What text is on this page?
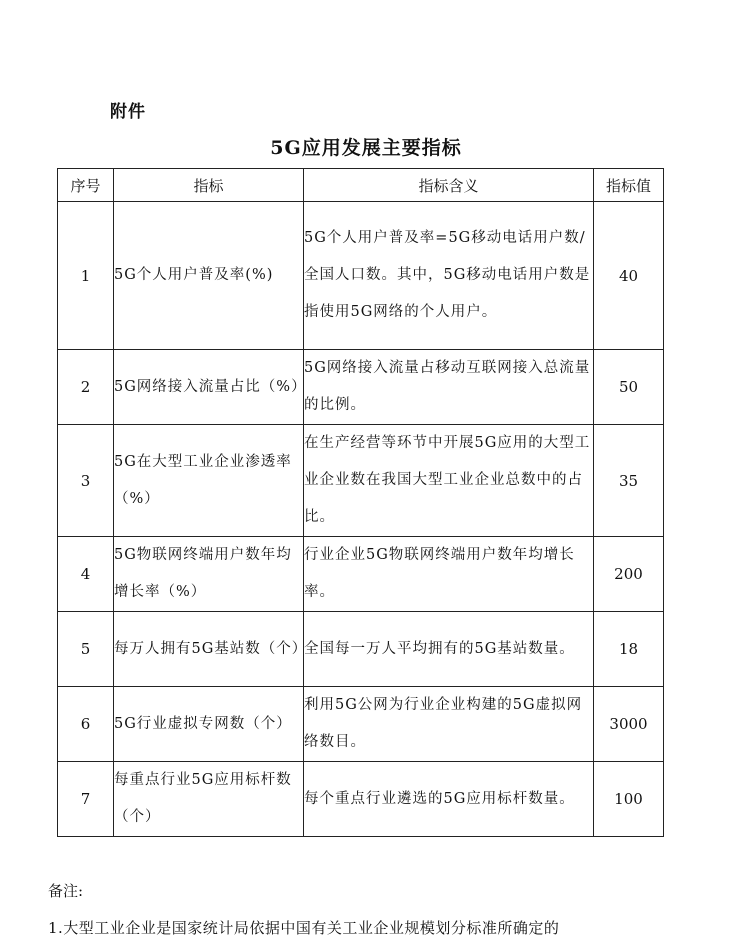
附件
5G应用发展主要指标
序号	指标	指标含义	指标值
1	5G个人用户普及率(%)	5G个人用户普及率=5G移动电话用户数/全国人口数。其中，5G移动电话用户数是指使用5G网络的个人用户。	40
2	5G网络接入流量占比（%）	5G网络接入流量占移动互联网接入总流量的比例。	50
3	5G在大型工业企业渗透率（%）	在生产经营等环节中开展5G应用的大型工业企业数在我国大型工业企业总数中的占比。	35
4	5G物联网终端用户数年均增长率（%）	行业企业5G物联网终端用户数年均增长率。	200
5	每万人拥有5G基站数（个）	全国每一万人平均拥有的5G基站数量。	18
6	5G行业虚拟专网数（个）	利用5G公网为行业企业构建的5G虚拟网络数目。	3000
7	每重点行业5G应用标杆数（个）	每个重点行业遴选的5G应用标杆数量。	100
备注:
1.大型工业企业是国家统计局依据中国有关工业企业规模划分标准所确定的
